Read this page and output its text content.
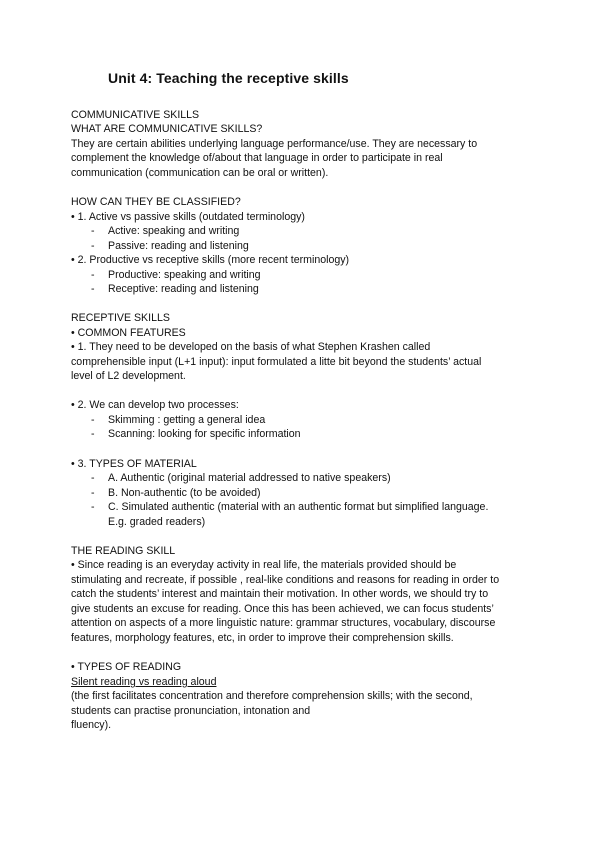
Unit 4: Teaching the receptive skills
COMMUNICATIVE SKILLS
WHAT ARE COMMUNICATIVE SKILLS?
They are certain abilities underlying language performance/use. They are necessary to
complement the knowledge of/about that language in order to participate in real
communication (communication can be oral or written).
HOW CAN THEY BE CLASSIFIED?
• 1. Active vs passive skills (outdated terminology)
- Active: speaking and writing
- Passive: reading and listening
• 2. Productive vs receptive skills (more recent terminology)
- Productive: speaking and writing
- Receptive: reading and listening
RECEPTIVE SKILLS
• COMMON FEATURES
• 1. They need to be developed on the basis of what Stephen Krashen called
comprehensible input (L+1 input): input formulated a litte bit beyond the students’ actual
level of L2 development.
• 2. We can develop two processes:
- Skimming : getting a general idea
- Scanning: looking for specific information
• 3. TYPES OF MATERIAL
- A. Authentic (original material addressed to native speakers)
- B. Non-authentic (to be avoided)
- C. Simulated authentic (material with an authentic format but simplified language.
E.g. graded readers)
THE READING SKILL
• Since reading is an everyday activity in real life, the materials provided should be
stimulating and recreate, if possible , real-like conditions and reasons for reading in order to
catch the students’ interest and maintain their motivation. In other words, we should try to
give students an excuse for reading. Once this has been achieved, we can focus students’
attention on aspects of a more linguistic nature: grammar structures, vocabulary, discourse
features, morphology features, etc, in order to improve their comprehension skills.
• TYPES OF READING
Silent reading vs reading aloud
(the first facilitates concentration and therefore comprehension skills; with the second,
students can practise pronunciation, intonation and
fluency).
